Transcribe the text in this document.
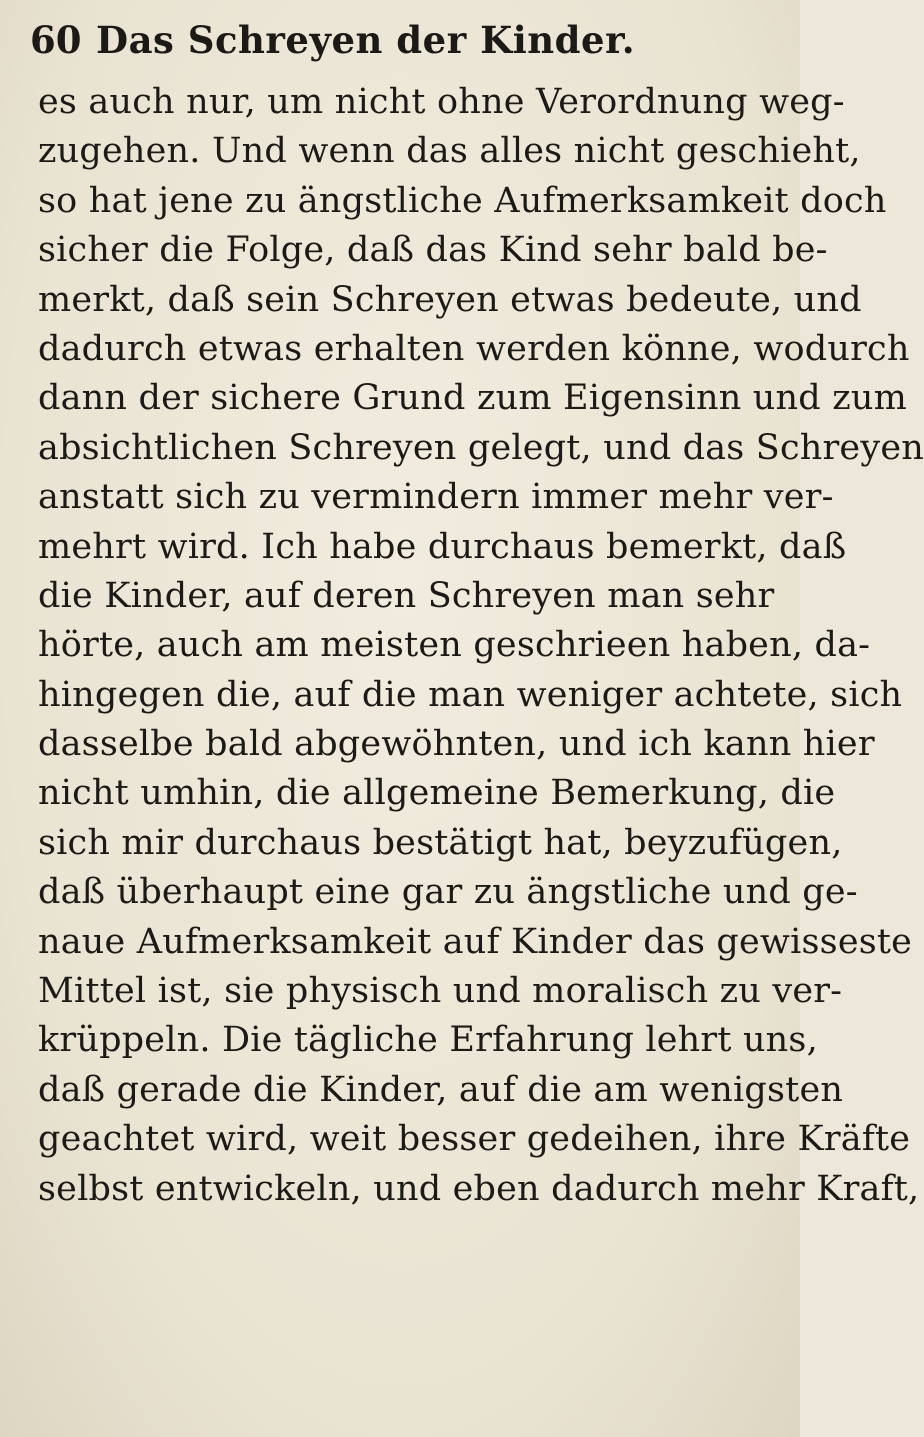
60 Das Schreyen der Kinder.
es auch nur, um nicht ohne Verordnung weg-
zugehen. Und wenn das alles nicht geschieht,
so hat jene zu ängstliche Aufmerksamkeit doch
sicher die Folge, daß das Kind sehr bald be-
merkt, daß sein Schreyen etwas bedeute, und
dadurch etwas erhalten werden könne, wodurch
dann der sichere Grund zum Eigensinn und zum
absichtlichen Schreyen gelegt, und das Schreyen
anstatt sich zu vermindern immer mehr ver-
mehrt wird. Ich habe durchaus bemerkt, daß
die Kinder, auf deren Schreyen man sehr
hörte, auch am meisten geschrieen haben, da-
hingegen die, auf die man weniger achtete, sich
dasselbe bald abgewöhnten, und ich kann hier
nicht umhin, die allgemeine Bemerkung, die
sich mir durchaus bestätigt hat, beyzufügen,
daß überhaupt eine gar zu ängstliche und ge-
naue Aufmerksamkeit auf Kinder das gewisseste
Mittel ist, sie physisch und moralisch zu ver-
krüppeln. Die tägliche Erfahrung lehrt uns,
daß gerade die Kinder, auf die am wenigsten
geachtet wird, weit besser gedeihen, ihre Kräfte
selbst entwickeln, und eben dadurch mehr Kraft,
